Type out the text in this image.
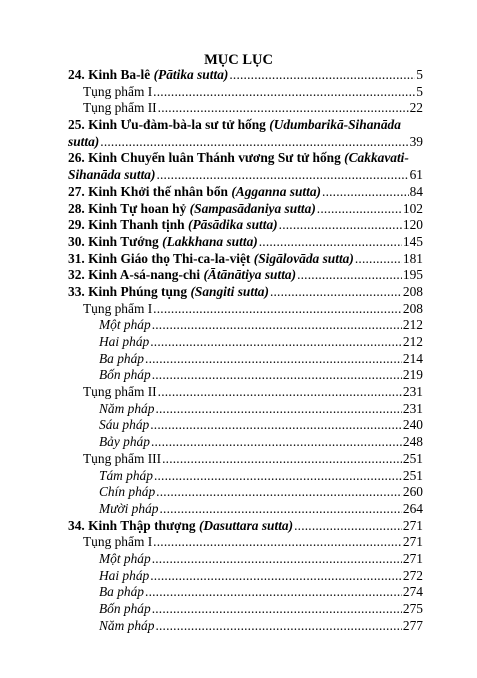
MỤC LỤC
24. Kinh Ba-lê (Pātika sutta) .....	5
Tụng phẩm I .....	5
Tụng phẩm II .....	22
25. Kinh Ưu-đàm-bà-la sư tử hống (Udumbarikā-Sihanāda
sutta) .....	39
26. Kinh Chuyển luân Thánh vương Sư tử hống (Cakkavati-
Sihanāda sutta) .....	61
27. Kinh Khởi thế nhân bổn (Agganna sutta) .....	84
28. Kinh Tự hoan hỷ (Sampasādaniya sutta) .....	102
29. Kinh Thanh tịnh (Pāsādika sutta) .....	120
30. Kinh Tướng (Lakkhana sutta) .....	145
31. Kinh Giáo thọ Thi-ca-la-việt (Sigālovāda sutta) .....	181
32. Kinh A-sá-nang-chi (Ātānātiya sutta) .....	195
33. Kinh Phúng tụng (Sangiti sutta) .....	208
Tụng phẩm I .....	208
Một pháp .....	212
Hai pháp .....	212
Ba pháp .....	214
Bốn pháp .....	219
Tụng phẩm II .....	231
Năm pháp .....	231
Sáu pháp .....	240
Bảy pháp .....	248
Tụng phẩm III .....	251
Tám pháp .....	251
Chín pháp .....	260
Mười pháp .....	264
34. Kinh Thập thượng (Dasuttara sutta) .....	271
Tụng phẩm I .....	271
Một pháp .....	271
Hai pháp .....	272
Ba pháp .....	274
Bốn pháp .....	275
Năm pháp .....	277
